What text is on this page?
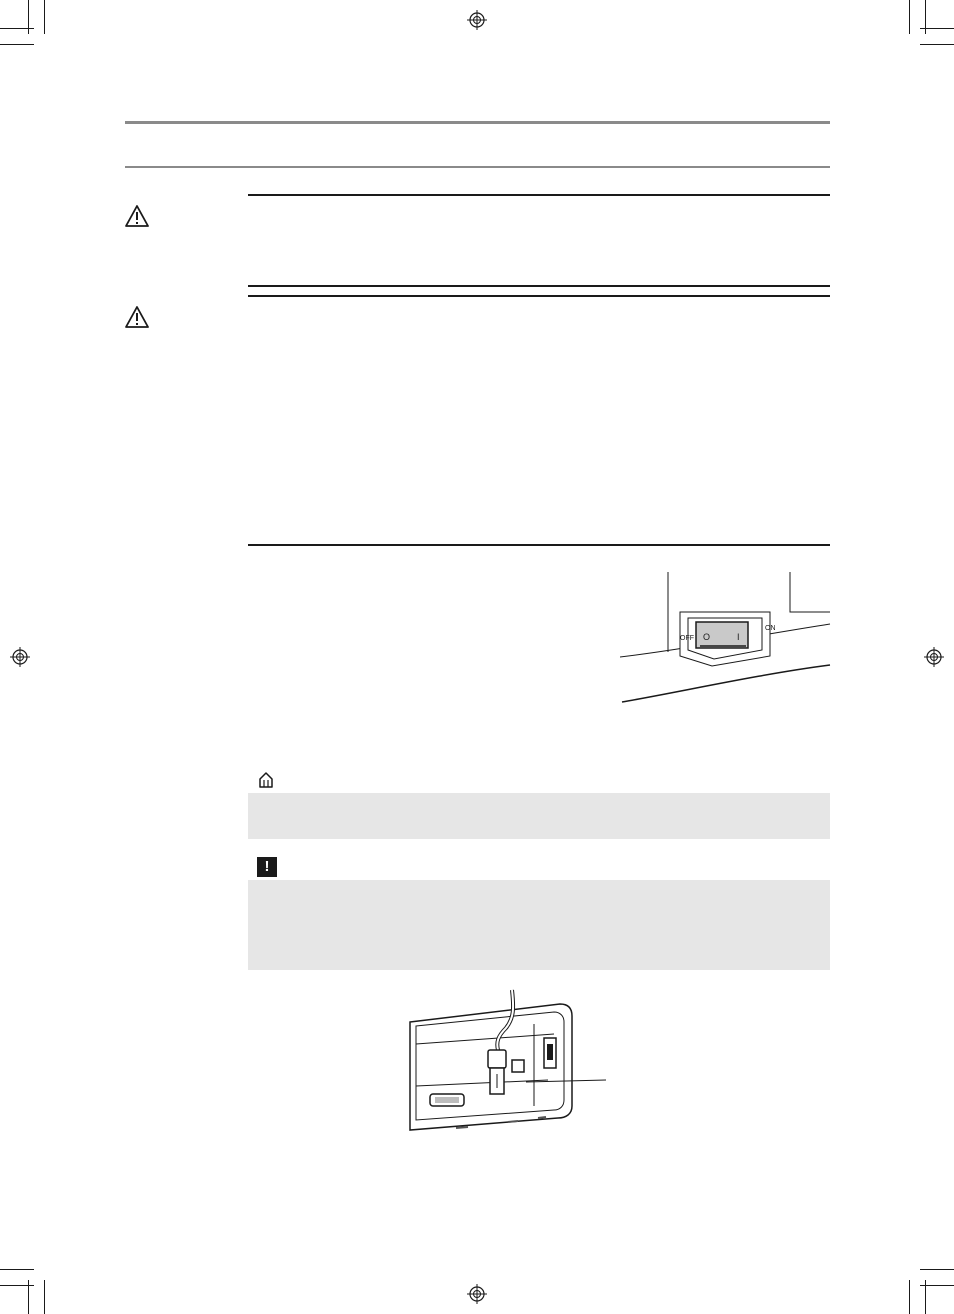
O	I
OFF
ON
!
